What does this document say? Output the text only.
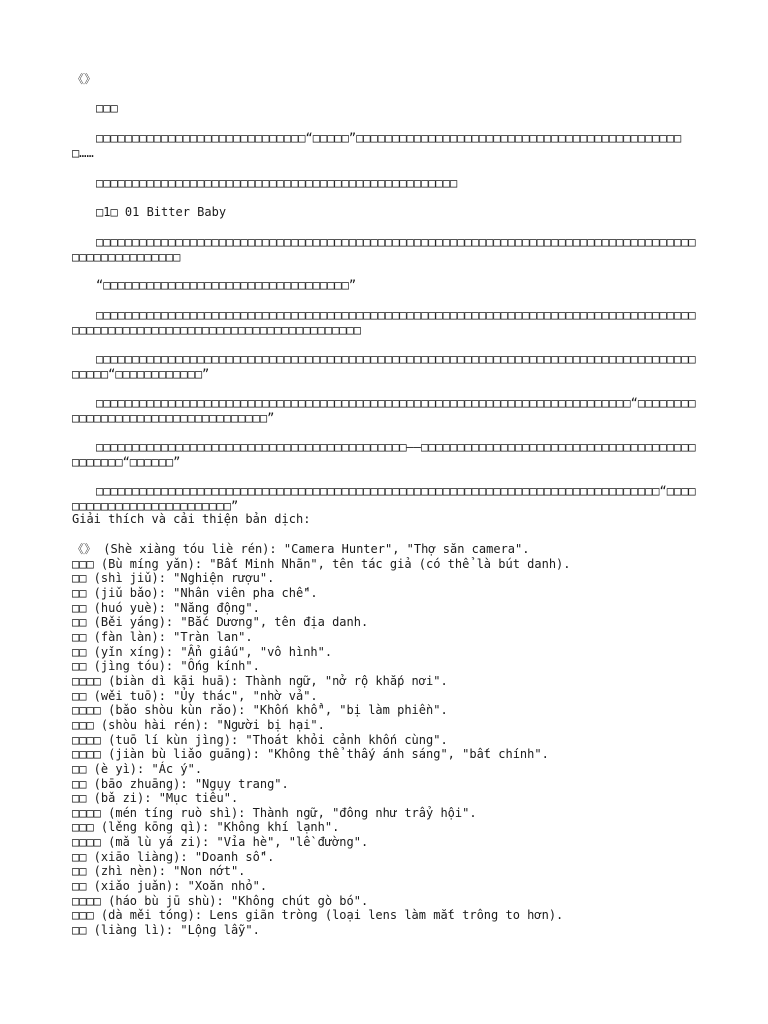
《》

□□□

□□□□□□□□□□□□□□□□□□□□□□□□□□□□□“□□□□□”□□□□□□□□□□□□□□□□□□□□□□□□□□□□□□□□□□□□□□□□□□□□□□……

□□□□□□□□□□□□□□□□□□□□□□□□□□□□□□□□□□□□□□□□□□□□□□□□□□

□1□ 01 Bitter Baby

□□□□□□□□□□□□□□□□□□□□□□□□□□□□□□□□□□□□□□□□□□□□□□□□□□□□□□□□□□□□□□□□□□□□□□□□□□□□□□□□□□□□□□□□□□□□□□□□□□

“□□□□□□□□□□□□□□□□□□□□□□□□□□□□□□□□□□”

□□□□□□□□□□□□□□□□□□□□□□□□□□□□□□□□□□□□□□□□□□□□□□□□□□□□□□□□□□□□□□□□□□□□□□□□□□□□□□□□□□□□□□□□□□□□□□□□□□□□□□□□□□□□□□□□□□□□□□□□□□□

□□□□□□□□□□□□□□□□□□□□□□□□□□□□□□□□□□□□□□□□□□□□□□□□□□□□□□□□□□□□□□□□□□□□□□□□□□□□□□□□□□□□□□□□“□□□□□□□□□□□□”

□□□□□□□□□□□□□□□□□□□□□□□□□□□□□□□□□□□□□□□□□□□□□□□□□□□□□□□□□□□□□□□□□□□□□□□□□□“□□□□□□□□□□□□□□□□□□□□□□□□□□□□□□□□□□□”

□□□□□□□□□□□□□□□□□□□□□□□□□□□□□□□□□□□□□□□□□□□——□□□□□□□□□□□□□□□□□□□□□□□□□□□□□□□□□□□□□□□□□□□□□“□□□□□□”

□□□□□□□□□□□□□□□□□□□□□□□□□□□□□□□□□□□□□□□□□□□□□□□□□□□□□□□□□□□□□□□□□□□□□□□□□□□□□□“□□□□□□□□□□□□□□□□□□□□□□□□□□”

Giải thích và cải thiện bản dịch:
《》 (Shè xiàng tóu liè rén): "Camera Hunter", "Thợ săn camera".
□□□ (Bù míng yǎn): "Bất Minh Nhãn", tên tác giả (có thể là bút danh).
□□ (shì jiǔ): "Nghiện rượu".
□□ (jiǔ bǎo): "Nhân viên pha chế".
□□ (huó yuè): "Năng động".
□□ (Běi yáng): "Bắc Dương", tên địa danh.
□□ (fàn làn): "Tràn lan".
□□ (yǐn xíng): "Ẩn giấu", "vô hình".
□□ (jìng tóu): "Ống kính".
□□□□ (biàn dì kāi huā): Thành ngữ, "nở rộ khắp nơi".
□□ (wěi tuō): "Ủy thác", "nhờ vả".
□□□□ (bǎo shòu kùn rǎo): "Khốn khổ", "bị làm phiền".
□□□ (shòu hài rén): "Người bị hại".
□□□□ (tuō lí kùn jìng): "Thoát khỏi cảnh khốn cùng".
□□□□ (jiàn bù liǎo guāng): "Không thể thấy ánh sáng", "bất chính".
□□ (è yì): "Ác ý".
□□ (bāo zhuāng): "Ngụy trang".
□□ (bǎ zi): "Mục tiêu".
□□□□ (mén tíng ruò shì): Thành ngữ, "đông như trẩy hội".
□□□ (lěng kōng qì): "Không khí lạnh".
□□□□ (mǎ lù yá zi): "Vỉa hè", "lề đường".
□□ (xiāo liàng): "Doanh số".
□□ (zhì nèn): "Non nớt".
□□ (xiǎo juǎn): "Xoăn nhỏ".
□□□□ (háo bù jū shù): "Không chút gò bó".
□□□ (dà měi tóng): Lens giãn tròng (loại lens làm mắt trông to hơn).
□□ (liàng lì): "Lộng lẫy".
